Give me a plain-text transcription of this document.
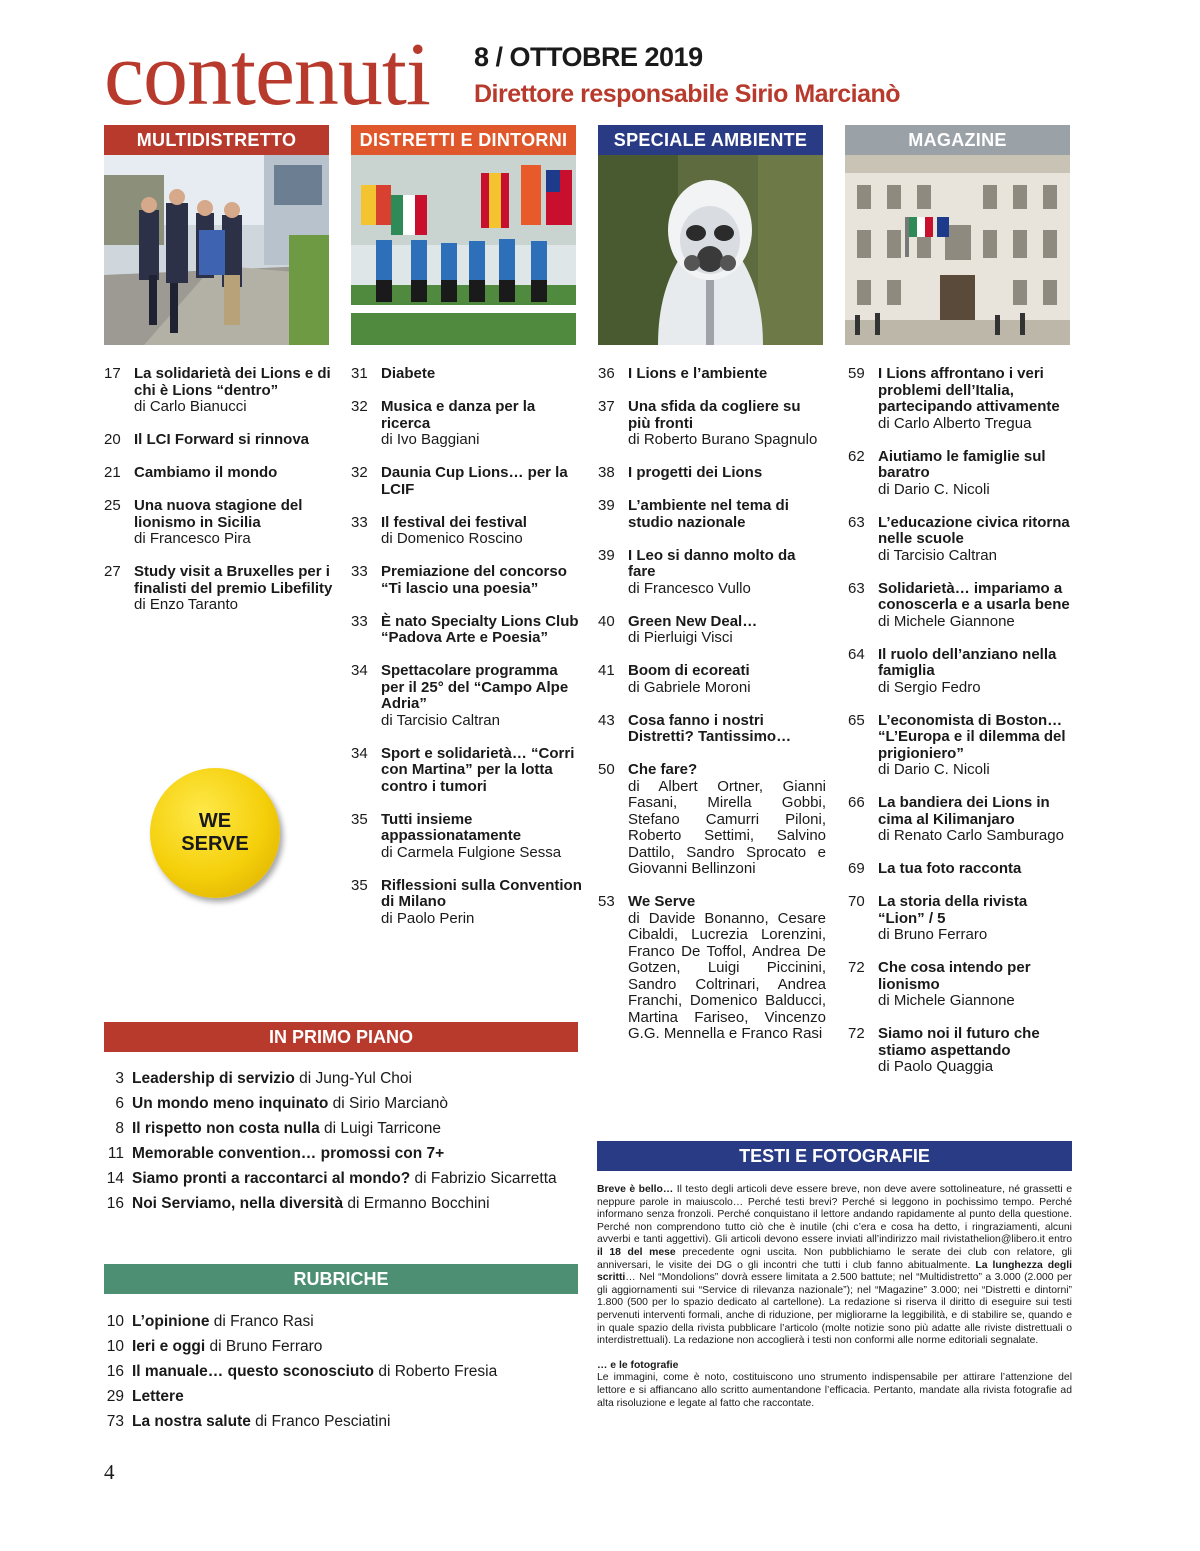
contenuti 8 / OTTOBRE 2019
Direttore responsabile Sirio Marcianò
MULTIDISTRETTO	DISTRETTI E DINTORNI	SPECIALE AMBIENTE	MAGAZINE
17 La solidarietà dei Lions e di chi è Lions “dentro”
di Carlo Bianucci
20 Il LCI Forward si rinnova
21 Cambiamo il mondo
25 Una nuova stagione del lionismo in Sicilia
di Francesco Pira
27 Study visit a Bruxelles per i finalisti del premio Libefility
di Enzo Taranto
31 Diabete
32 Musica e danza per la ricerca
di Ivo Baggiani
32 Daunia Cup Lions… per la LCIF
33 Il festival dei festival
di Domenico Roscino
33 Premiazione del concorso “Ti lascio una poesia”
33 È nato Specialty Lions Club “Padova Arte e Poesia”
34 Spettacolare programma per il 25° del “Campo Alpe Adria”
di Tarcisio Caltran
34 Sport e solidarietà… “Corri con Martina” per la lotta contro i tumori
35 Tutti insieme appassionatamente
di Carmela Fulgione Sessa
35 Riflessioni sulla Convention di Milano
di Paolo Perin
36 I Lions e l’ambiente
37 Una sfida da cogliere su più fronti
di Roberto Burano Spagnulo
38 I progetti dei Lions
39 L’ambiente nel tema di studio nazionale
39 I Leo si danno molto da fare
di Francesco Vullo
40 Green New Deal…
di Pierluigi Visci
41 Boom di ecoreati
di Gabriele Moroni
43 Cosa fanno i nostri Distretti? Tantissimo…
50 Che fare?
di Albert Ortner, Gianni Fasani, Mirella Gobbi, Stefano Camurri Piloni, Roberto Settimi, Salvino Dattilo, Sandro Sprocato e Giovanni Bellinzoni
53 We Serve
di Davide Bonanno, Cesare Cibaldi, Lucrezia Lorenzini, Franco De Toffol, Andrea De Gotzen, Luigi Piccinini, Sandro Coltrinari, Andrea Franchi, Domenico Balducci, Martina Fariseo, Vincenzo G.G. Mennella e Franco Rasi
59 I Lions affrontano i veri problemi dell’Italia, partecipando attivamente
di Carlo Alberto Tregua
62 Aiutiamo le famiglie sul baratro
di Dario C. Nicoli
63 L’educazione civica ritorna nelle scuole
di Tarcisio Caltran
63 Solidarietà… impariamo a conoscerla e a usarla bene
di Michele Giannone
64 Il ruolo dell’anziano nella famiglia
di Sergio Fedro
65 L’economista di Boston… “L’Europa e il dilemma del prigioniero”
di Dario C. Nicoli
66 La bandiera dei Lions in cima al Kilimanjaro
di Renato Carlo Samburago
69 La tua foto racconta
70 La storia della rivista “Lion” / 5
di Bruno Ferraro
72 Che cosa intendo per lionismo
di Michele Giannone
72 Siamo noi il futuro che stiamo aspettando
di Paolo Quaggia
WE
SERVE
IN PRIMO PIANO
3 Leadership di servizio di Jung-Yul Choi
6 Un mondo meno inquinato di Sirio Marcianò
8 Il rispetto non costa nulla di Luigi Tarricone
11 Memorable convention… promossi con 7+
14 Siamo pronti a raccontarci al mondo? di Fabrizio Sicarretta
16 Noi Serviamo, nella diversità di Ermanno Bocchini
RUBRICHE
10 L’opinione di Franco Rasi
10 Ieri e oggi di Bruno Ferraro
16 Il manuale… questo sconosciuto di Roberto Fresia
29 Lettere
73 La nostra salute di Franco Pesciatini
TESTI E FOTOGRAFIE

Breve è bello… Il testo degli articoli deve essere breve, non deve avere sottolineature, né grassetti e neppure parole in maiuscolo… Perché testi brevi? Perché si leggono in pochissimo tempo. Perché informano senza fronzoli. Perché conquistano il lettore andando rapidamente al punto della questione. Perché non comprendono tutto ciò che è inutile (chi c’era e cosa ha detto, i ringraziamenti, alcuni avverbi e tanti aggettivi). Gli articoli devono essere inviati all’indirizzo mail rivistathelion@libero.it entro il 18 del mese precedente ogni uscita. Non pubblichiamo le serate dei club con relatore, gli anniversari, le visite dei DG o gli incontri che tutti i club fanno abitualmente. La lunghezza degli scritti… Nel “Mondolions” dovrà essere limitata a 2.500 battute; nel “Multidistretto” a 3.000 (2.000 per gli aggiornamenti sui “Service di rilevanza nazionale”); nel “Magazine” 3.000; nei “Distretti e dintorni” 1.800 (500 per lo spazio dedicato al cartellone). La redazione si riserva il diritto di eseguire sui testi pervenuti interventi formali, anche di riduzione, per migliorarne la leggibilità, e di stabilire se, quando e in quale spazio della rivista pubblicare l’articolo (molte notizie sono più adatte alle riviste distrettuali o interdistrettuali). La redazione non accoglierà i testi non conformi alle norme editoriali segnalate.

… e le fotografie
Le immagini, come è noto, costituiscono uno strumento indispensabile per attirare l’attenzione del lettore e si affiancano allo scritto aumentandone l’efficacia. Pertanto, mandate alla rivista fotografie ad alta risoluzione e legate al fatto che raccontate.

4
